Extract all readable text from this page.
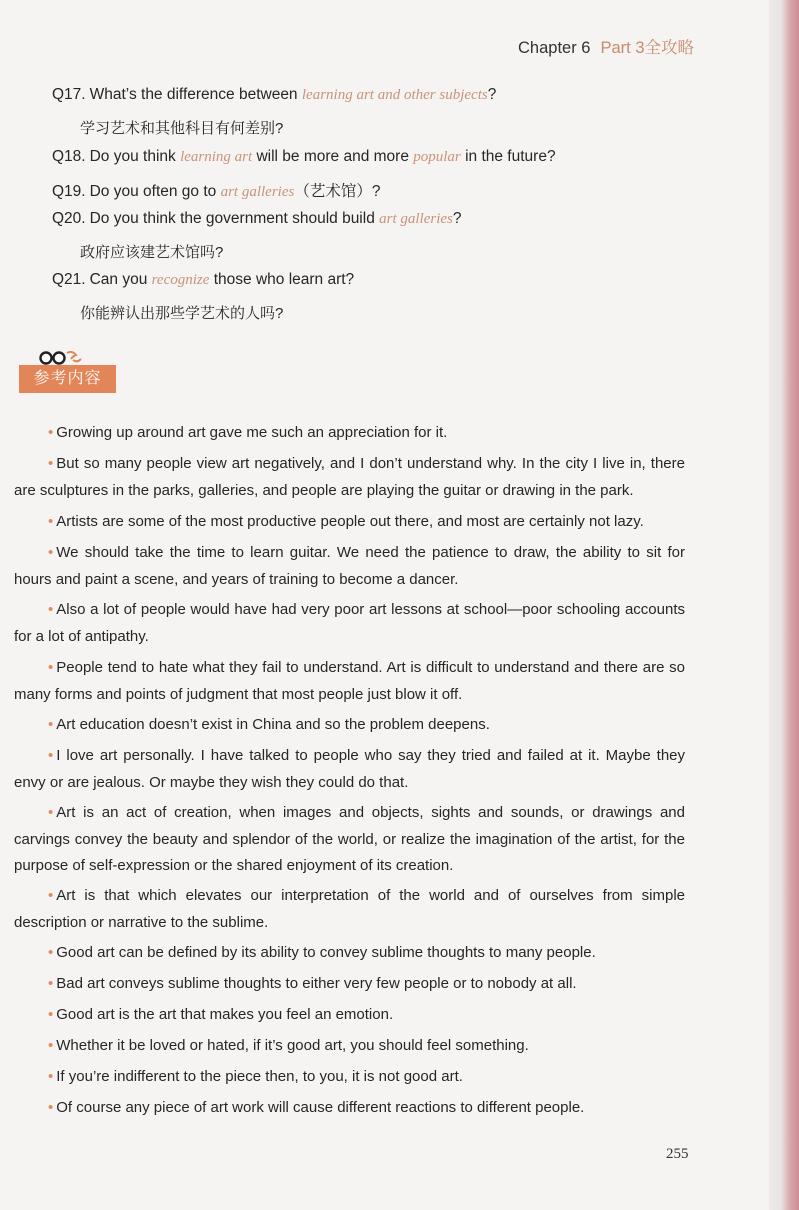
Chapter 6 Part 3全攻略
Q17. What’s the difference between learning art and other subjects?
学习艺术和其他科目有何差别?
Q18. Do you think learning art will be more and more popular in the future?
Q19. Do you often go to art galleries（艺术馆）?
Q20. Do you think the government should build art galleries?
政府应该建艺术馆吗?
Q21. Can you recognize those who learn art?
你能辨认出那些学艺术的人吗?
参考内容
• Growing up around art gave me such an appreciation for it.
• But so many people view art negatively, and I don’t understand why. In the city I live in, there are sculptures in the parks, galleries, and people are playing the guitar or drawing in the park.
• Artists are some of the most productive people out there, and most are certainly not lazy.
• We should take the time to learn guitar. We need the patience to draw, the ability to sit for hours and paint a scene, and years of training to become a dancer.
• Also a lot of people would have had very poor art lessons at school—poor schooling accounts for a lot of antipathy.
• People tend to hate what they fail to understand. Art is difficult to understand and there are so many forms and points of judgment that most people just blow it off.
• Art education doesn’t exist in China and so the problem deepens.
• I love art personally. I have talked to people who say they tried and failed at it. Maybe they envy or are jealous. Or maybe they wish they could do that.
• Art is an act of creation, when images and objects, sights and sounds, or drawings and carvings convey the beauty and splendor of the world, or realize the imagination of the artist, for the purpose of self-expression or the shared enjoyment of its creation.
• Art is that which elevates our interpretation of the world and of ourselves from simple description or narrative to the sublime.
• Good art can be defined by its ability to convey sublime thoughts to many people.
• Bad art conveys sublime thoughts to either very few people or to nobody at all.
• Good art is the art that makes you feel an emotion.
• Whether it be loved or hated, if it’s good art, you should feel something.
• If you’re indifferent to the piece then, to you, it is not good art.
• Of course any piece of art work will cause different reactions to different people.
255
